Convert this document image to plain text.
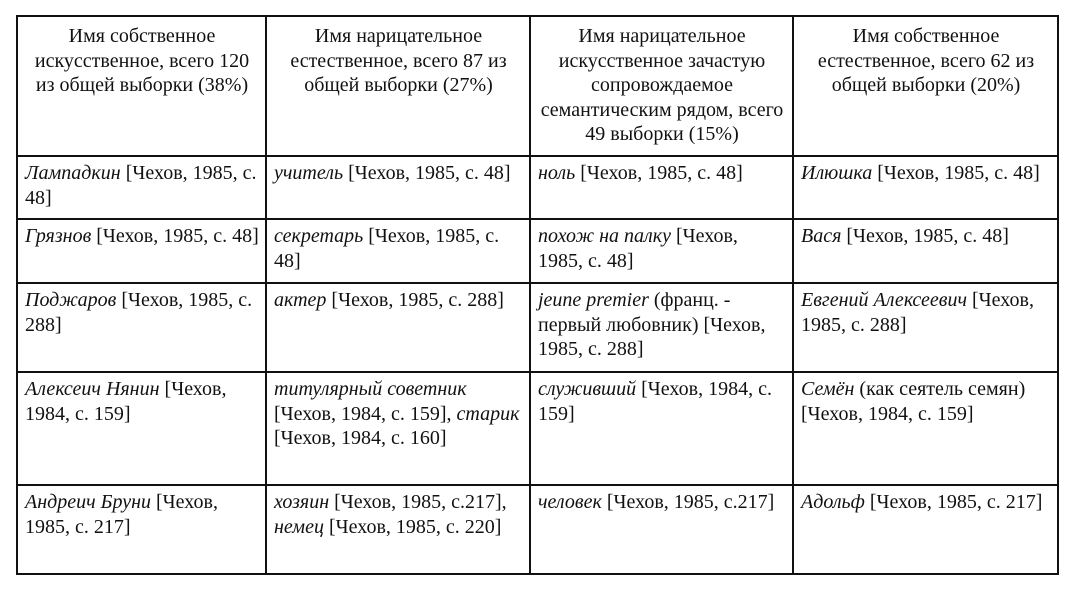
Имя собственное искусственное, всего 120 из общей выборки (38%)	Имя нарицательное естественное, всего 87 из общей выборки (27%)	Имя нарицательное искусственное зачастую сопровождаемое семантическим рядом, всего 49 выборки (15%)	Имя собственное естественное, всего 62 из общей выборки (20%)
Лампадкин [Чехов, 1985, с. 48]	учитель [Чехов, 1985, с. 48]	ноль [Чехов, 1985, с. 48]	Илюшка [Чехов, 1985, с. 48]
Грязнов [Чехов, 1985, с. 48]	секретарь [Чехов, 1985, с. 48]	похож на палку [Чехов, 1985, с. 48]	Вася [Чехов, 1985, с. 48]
Поджаров [Чехов, 1985, с. 288]	актер [Чехов, 1985, с. 288]	jeune premier (франц. - первый любовник) [Чехов, 1985, с. 288]	Евгений Алексеевич [Чехов, 1985, с. 288]
Алексеич Нянин [Чехов, 1984, с. 159]	титулярный советник [Чехов, 1984, с. 159], старик [Чехов, 1984, с. 160]	служивший [Чехов, 1984, с. 159]	Семён (как сеятель семян) [Чехов, 1984, с. 159]
Андреич Бруни [Чехов, 1985, с. 217]	хозяин [Чехов, 1985, с.217], немец [Чехов, 1985, с. 220]	человек [Чехов, 1985, с.217]	Адольф [Чехов, 1985, с. 217]
